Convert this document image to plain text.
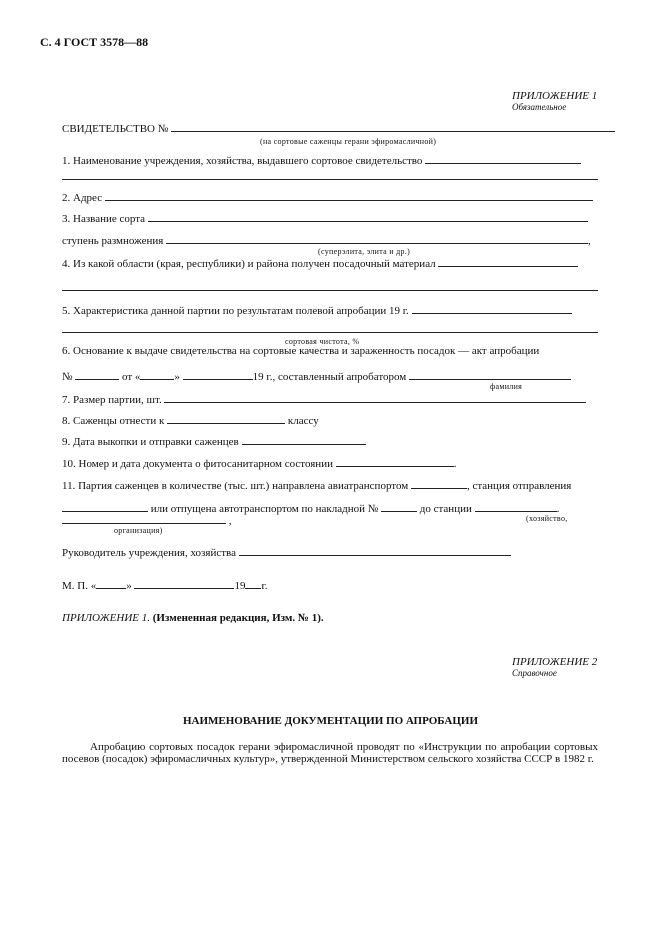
С. 4 ГОСТ 3578—88
ПРИЛОЖЕНИЕ 1
Обязательное
СВИДЕТЕЛЬСТВО №
(на сортовые саженцы герани эфиромасличной)
1. Наименование учреждения, хозяйства, выдавшего сортовое свидетельство
2. Адрес
3. Название сорта
ступень размножения	,
(суперэлита, элита и др.)
4. Из какой области (края, республики) и района получен посадочный материал
5. Характеристика данной партии по результатам полевой апробации 19 г.
сортовая чистота, %
6. Основание к выдаче свидетельства на сортовые качества и зараженность посадок — акт апробации
№	от «	»	19 г., составленный апробатором
фамилия
7. Размер партии, шт.
8. Саженцы отнести к	классу
9. Дата выкопки и отправки саженцев
10. Номер и дата документа о фитосанитарном состоянии	.
11. Партия саженцев в количестве (тыс. шт.) направлена авиатранспортом	, станция отправления
или отпущена автотранспортом по накладной №	до станции	.
,	(хозяйство,
организация)
Руководитель учреждения, хозяйства
М. П. «	»	19 г.
ПРИЛОЖЕНИЕ 1. (Измененная редакция, Изм. № 1).
ПРИЛОЖЕНИЕ 2
Справочное
НАИМЕНОВАНИЕ ДОКУМЕНТАЦИИ ПО АПРОБАЦИИ
Апробацию сортовых посадок герани эфиромасличной проводят по «Инструкции по апробации сортовых посевов (посадок) эфиромасличных культур», утвержденной Министерством сельского хозяйства СССР в 1982 г.
